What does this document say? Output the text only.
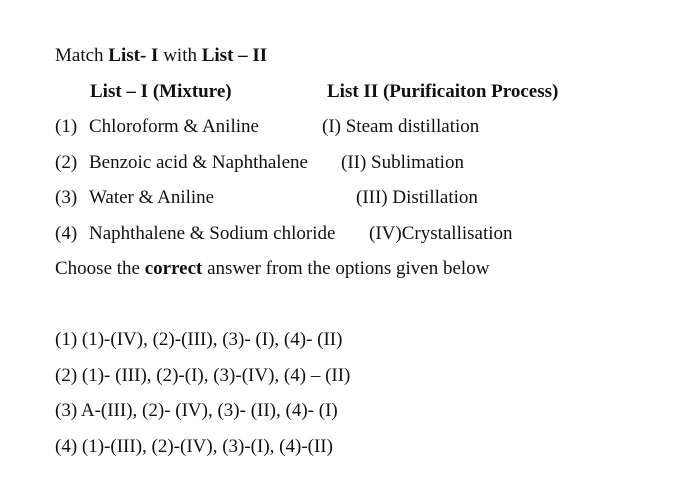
Match List- I with List – II
List – I (Mixture)	List II (Purificaiton Process)
(1) Chloroform & Aniline	(I) Steam distillation
(2) Benzoic acid & Naphthalene (II) Sublimation
(3) Water & Aniline	(III) Distillation
(4) Naphthalene & Sodium chloride (IV)Crystallisation
Choose the correct answer from the options given below
(1) (1)-(IV), (2)-(III), (3)- (I), (4)- (II)
(2) (1)- (III), (2)-(I), (3)-(IV), (4) – (II)
(3) A-(III), (2)- (IV), (3)- (II), (4)- (I)
(4) (1)-(III), (2)-(IV), (3)-(I), (4)-(II)
